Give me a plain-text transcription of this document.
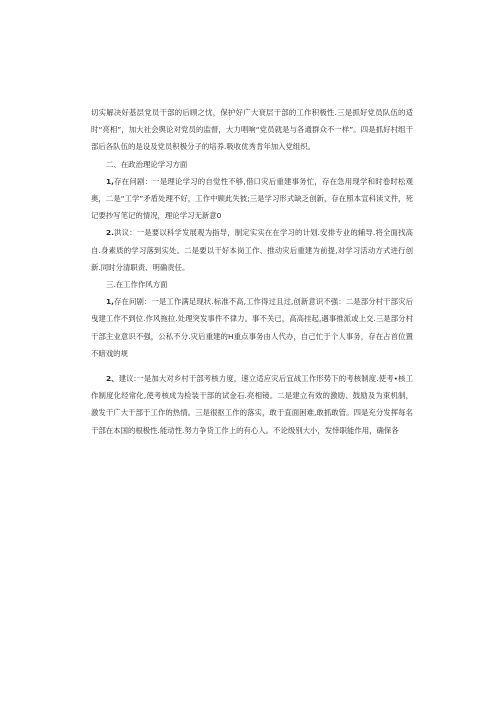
切实解决好基层党员干部的后顾之忧，保护好广大衰层干部的工作积极性.三是抓好党员队伍的适时“亮相”，加大社会舆论对党员的监督，大力唱响“党员就是与各通群众不一样”。四是抓好村组干部后各队伍的是设及党员积极分子的培养.吸收优秀肯年加入党组织。

二、在政治理论学习方面

1,存在问剧：一是理论学习的自觉性不够,借口灾后重建事务忙，存在急用现学和时卷时松观奥，二是“工学”矛盾处理不好，工作中顾此失彼;三是学习形式缺乏创新，存在照本宣科读文件，死记要抄写笔记的情况，理论学习无新意0

2.洪议：一是要以科学发展观为指导，制定实实在在学习的计划.安排专业的辅导.将全面找高自.身素质的学习落到实处。二是要以干好本岗工作、推动灾后重建为前提,对学习活动方式进行创新.同时分清职责、明确责任。

三.在工作作风方面

1,存在问剧：一是工作满足现状.标准不高,工作得过且过,创新意识不强：二是部分村干部灾后曳建工作不到位.作风拖拉.处理突发事件不律力。事不关已，高高挂起,遇事推派或上交.三是部分村干部主业意识不强，公私不分.灾后重建的H重点事务由人代办，自己忙于个人事务，存在占首位置不暗戏的规

2、建议:一是加大对乡村干部考核力度，速立适应灾后宜战工作形势下的考核制度.使考•核工作制度化经常化,使考核成为检装干部的试金石.亮相镜。二是建立有效的激励、鼓励及为束机制，激发干广大干部于工作的热情。三是很抠工作的落实，敢于直面困难,敢抓敢管。四是充分发挥每名干部在本国的根极性.能动性.努力争货工作上的有心人。不论级别大小，发悻职能作用，确保各
